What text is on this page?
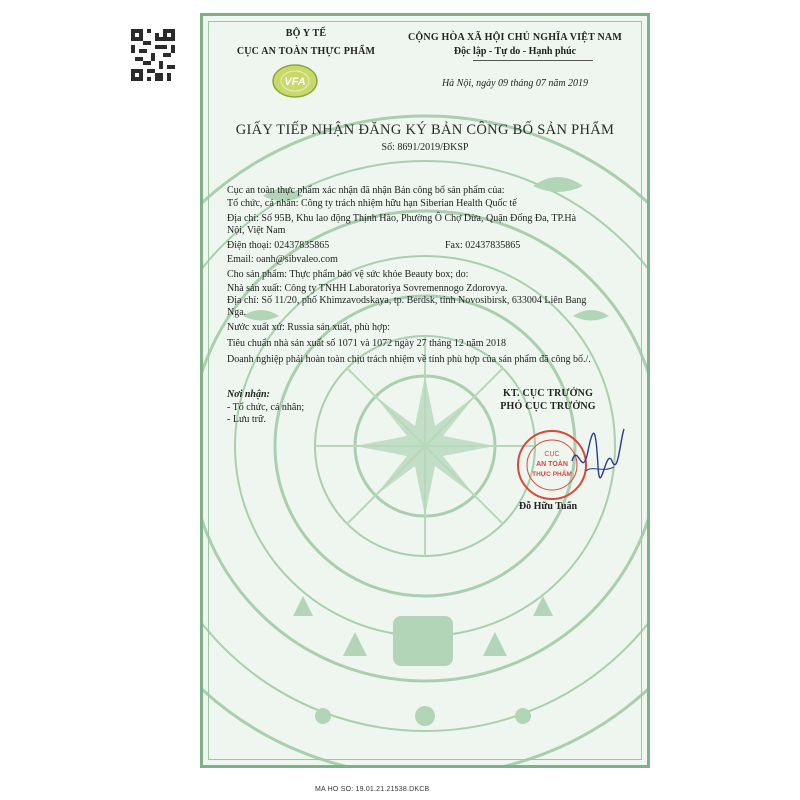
BỘ Y TẾ
CỤC AN TOÀN THỰC PHẨM
VFA
CỘNG HÒA XÃ HỘI CHỦ NGHĨA VIỆT NAM
Độc lập - Tự do - Hạnh phúc
Hà Nội, ngày 09 tháng 07 năm 2019
GIẤY TIẾP NHẬN ĐĂNG KÝ BẢN CÔNG BỐ SẢN PHẨM
Số: 8691/2019/ĐKSP
Cục an toàn thực phẩm xác nhận đã nhận Bản công bố sản phẩm của:
Tổ chức, cá nhân: Công ty trách nhiệm hữu hạn Siberian Health Quốc tế
Địa chỉ: Số 95B, Khu lao động Thịnh Hào, Phường Ô Chợ Dừa, Quận Đống Đa, TP.Hà
Nội, Việt Nam
Điện thoại: 02437835865	Fax: 02437835865
Email: oanh@sibvaleo.com
Cho sản phẩm: Thực phẩm bảo vệ sức khỏe Beauty box; do:
Nhà sản xuất: Công ty TNHH Laboratoriya Sovremennogo Zdorovya.
Địa chỉ: Số 11/20, phố Khimzavodskaya, tp. Berdsk, tỉnh Novosibirsk, 633004 Liên Bang
Nga.
Nước xuất xứ: Russia sản xuất, phù hợp:
Tiêu chuẩn nhà sản xuất số 1071 và 1072 ngày 27 tháng 12 năm 2018
Doanh nghiệp phải hoàn toàn chịu trách nhiệm về tính phù hợp của sản phẩm đã công bố./.
Nơi nhận:
- Tổ chức, cá nhân;
- Lưu trữ.
KT. CỤC TRƯỞNG
PHÓ CỤC TRƯỞNG
CỤC
AN TOÀN
THỰC PHẨM
Đỗ Hữu Tuấn
MA HO SO: 19.01.21.21538.DKCB
